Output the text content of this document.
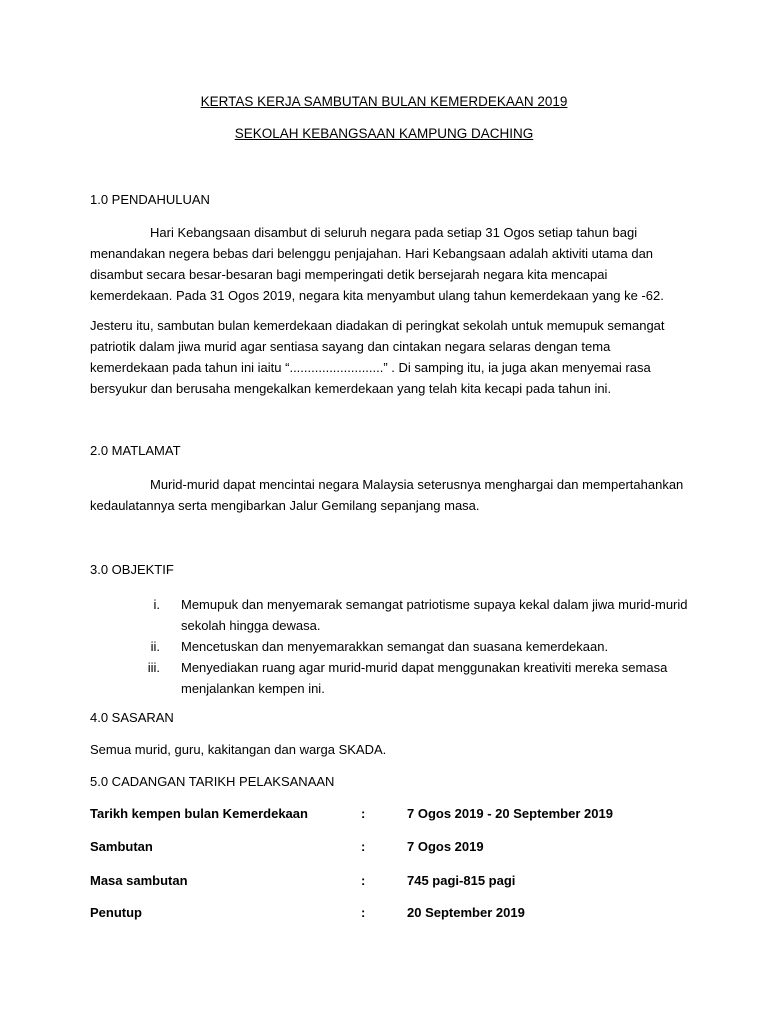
KERTAS KERJA SAMBUTAN BULAN KEMERDEKAAN 2019
SEKOLAH KEBANGSAAN KAMPUNG DACHING
1.0 PENDAHULUAN

Hari Kebangsaan disambut di seluruh negara pada setiap 31 Ogos setiap tahun bagi menandakan negera bebas dari belenggu penjajahan. Hari Kebangsaan adalah aktiviti utama dan disambut secara besar-besaran bagi memperingati detik bersejarah negara kita mencapai kemerdekaan. Pada 31 Ogos 2019, negara kita menyambut ulang tahun kemerdekaan yang ke -62.

Jesteru itu, sambutan bulan kemerdekaan diadakan di peringkat sekolah untuk memupuk semangat patriotik dalam jiwa murid agar sentiasa sayang dan cintakan negara selaras dengan tema kemerdekaan pada tahun ini iaitu “..........................” . Di samping itu, ia juga akan menyemai rasa bersyukur dan berusaha mengekalkan kemerdekaan yang telah kita kecapi pada tahun ini.

2.0 MATLAMAT

Murid-murid dapat mencintai negara Malaysia seterusnya menghargai dan mempertahankan kedaulatannya serta mengibarkan Jalur Gemilang sepanjang masa.

3.0 OBJEKTIF
i. Memupuk dan menyemarak semangat patriotisme supaya kekal dalam jiwa murid-murid sekolah hingga dewasa.
ii. Mencetuskan dan menyemarakkan semangat dan suasana kemerdekaan.
iii. Menyediakan ruang agar murid-murid dapat menggunakan kreativiti mereka semasa menjalankan kempen ini.
4.0 SASARAN
Semua murid, guru, kakitangan dan warga SKADA.
5.0 CADANGAN TARIKH PELAKSANAAN
Tarikh kempen bulan Kemerdekaan	:	7 Ogos 2019 - 20 September 2019
Sambutan	:	7 Ogos 2019
Masa sambutan	:	745 pagi-815 pagi
Penutup	:	20 September 2019
